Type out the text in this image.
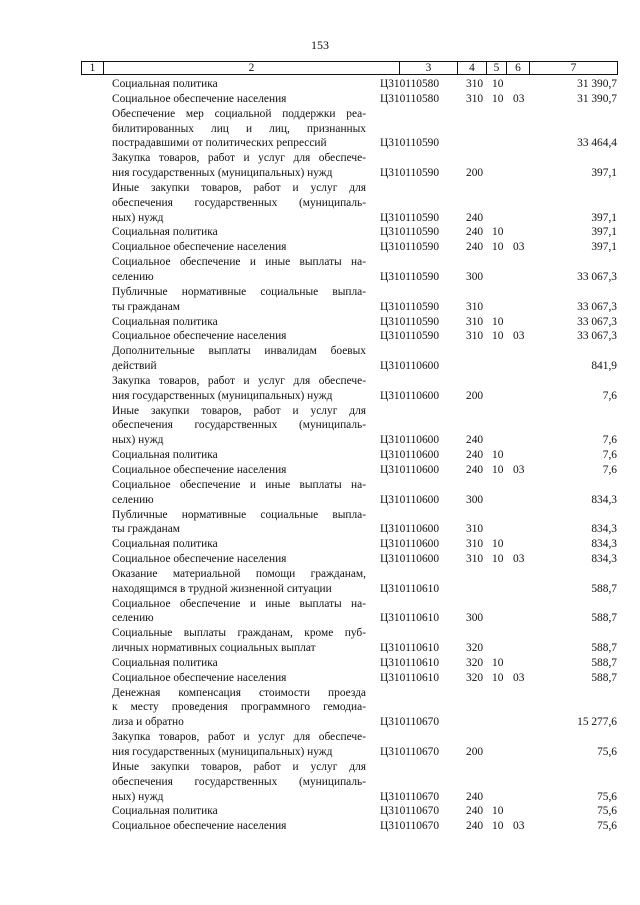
153
1	2	3	4	5	6	7
Социальная политика	Ц310110580 310 10	31 390,7
Социальное обеспечение населения	Ц310110580 310 10 03	31 390,7
Обеспечение мер социальной поддержки реа-
билитированных лиц и лиц, признанных
пострадавшими от политических репрессий	Ц310110590	33 464,4
Закупка товаров, работ и услуг для обеспече-
ния государственных (муниципальных) нужд	Ц310110590 200	397,1
Иные закупки товаров, работ и услуг для
обеспечения государственных (муниципаль-
ных) нужд	Ц310110590 240	397,1
Социальная политика	Ц310110590 240 10	397,1
Социальное обеспечение населения	Ц310110590 240 10 03	397,1
Социальное обеспечение и иные выплаты на-
селению	Ц310110590 300	33 067,3
Публичные нормативные социальные выпла-
ты гражданам	Ц310110590 310	33 067,3
Социальная политика	Ц310110590 310 10	33 067,3
Социальное обеспечение населения	Ц310110590 310 10 03	33 067,3
Дополнительные выплаты инвалидам боевых
действий	Ц310110600	841,9
Закупка товаров, работ и услуг для обеспече-
ния государственных (муниципальных) нужд	Ц310110600 200	7,6
Иные закупки товаров, работ и услуг для
обеспечения государственных (муниципаль-
ных) нужд	Ц310110600 240	7,6
Социальная политика	Ц310110600 240 10	7,6
Социальное обеспечение населения	Ц310110600 240 10 03	7,6
Социальное обеспечение и иные выплаты на-
селению	Ц310110600 300	834,3
Публичные нормативные социальные выпла-
ты гражданам	Ц310110600 310	834,3
Социальная политика	Ц310110600 310 10	834,3
Социальное обеспечение населения	Ц310110600 310 10 03	834,3
Оказание материальной помощи гражданам,
находящимся в трудной жизненной ситуации	Ц310110610	588,7
Социальное обеспечение и иные выплаты на-
селению	Ц310110610 300	588,7
Социальные выплаты гражданам, кроме пуб-
личных нормативных социальных выплат	Ц310110610 320	588,7
Социальная политика	Ц310110610 320 10	588,7
Социальное обеспечение населения	Ц310110610 320 10 03	588,7
Денежная компенсация стоимости проезда
к месту проведения программного гемодиа-
лиза и обратно	Ц310110670	15 277,6
Закупка товаров, работ и услуг для обеспече-
ния государственных (муниципальных) нужд	Ц310110670 200	75,6
Иные закупки товаров, работ и услуг для
обеспечения государственных (муниципаль-
ных) нужд	Ц310110670 240	75,6
Социальная политика	Ц310110670 240 10	75,6
Социальное обеспечение населения	Ц310110670 240 10 03	75,6
